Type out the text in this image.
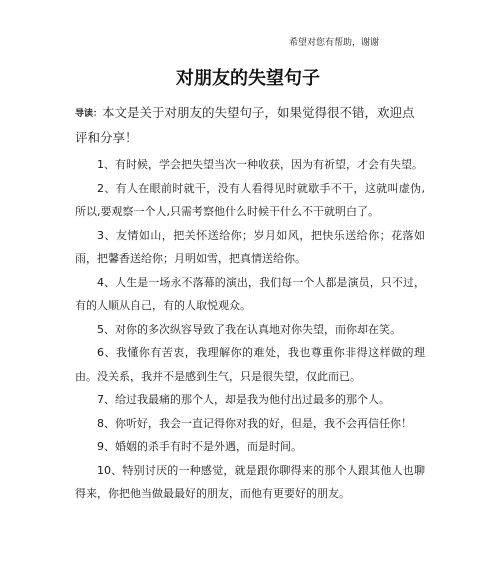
希望对您有帮助，谢谢
对朋友的失望句子
导读：本文是关于对朋友的失望句子，如果觉得很不错，欢迎点评和分享！

1、有时候，学会把失望当次一种收获，因为有祈望，才会有失望。

2、有人在眼前时就干，没有人看得见时就歇手不干，这就叫虚伪,所以,要观察一个人,只需考察他什么时候干什么不干就明白了。

3、友情如山，把关怀送给你；岁月如风，把快乐送给你；花落如雨，把馨香送给你；月明如雪，把真情送给你。

4、人生是一场永不落幕的演出，我们每一个人都是演员，只不过，有的人顺从自己，有的人取悦观众。

5、对你的多次纵容导致了我在认真地对你失望，而你却在笑。

6、我懂你有苦衷，我理解你的难处，我也尊重你非得这样做的理由。没关系，我并不是感到生气，只是很失望，仅此而已。

7、给过我最痛的那个人，却是我为他付出过最多的那个人。

8、你听好，我会一直记得你对我的好，但是，我不会再信任你！

9、婚姻的杀手有时不是外遇，而是时间。

10、特别讨厌的一种感觉，就是跟你聊得来的那个人跟其他人也聊得来，你把他当做最最好的朋友，而他有更要好的朋友。
